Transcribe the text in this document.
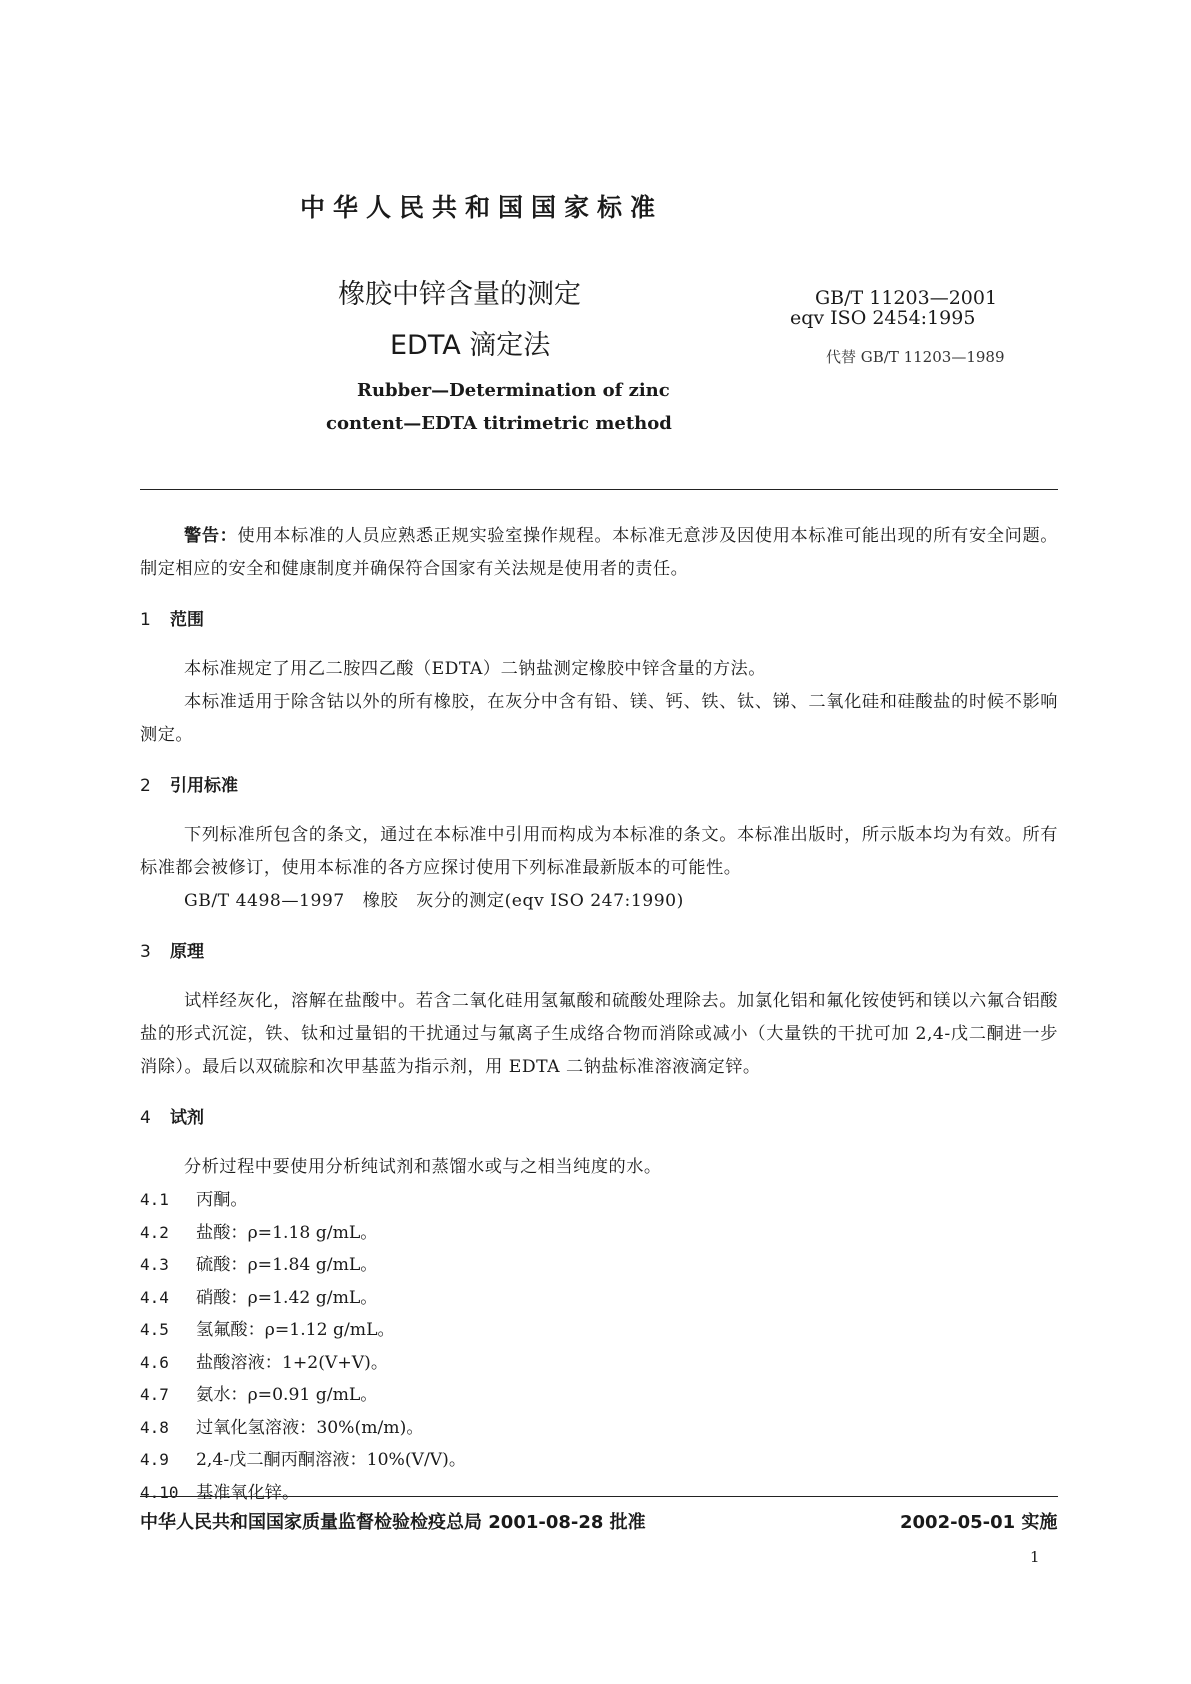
中华人民共和国国家标准
橡胶中锌含量的测定
EDTA 滴定法
Rubber—Determination of zinc
content—EDTA titrimetric method
GB/T 11203—2001
eqv ISO 2454:1995
代替 GB/T 11203—1989

警告：使用本标准的人员应熟悉正规实验室操作规程。本标准无意涉及因使用本标准可能出现的所有安全问题。制定相应的安全和健康制度并确保符合国家有关法规是使用者的责任。

1 范围

本标准规定了用乙二胺四乙酸（EDTA）二钠盐测定橡胶中锌含量的方法。

本标准适用于除含钴以外的所有橡胶，在灰分中含有铅、镁、钙、铁、钛、锑、二氧化硅和硅酸盐的时候不影响测定。

2 引用标准

下列标准所包含的条文，通过在本标准中引用而构成为本标准的条文。本标准出版时，所示版本均为有效。所有标准都会被修订，使用本标准的各方应探讨使用下列标准最新版本的可能性。

GB/T 4498—1997 橡胶 灰分的测定(eqv ISO 247:1990)

3 原理

试样经灰化，溶解在盐酸中。若含二氧化硅用氢氟酸和硫酸处理除去。加氯化铝和氟化铵使钙和镁以六氟合铝酸盐的形式沉淀，铁、钛和过量铝的干扰通过与氟离子生成络合物而消除或减小（大量铁的干扰可加 2,4-戊二酮进一步消除）。最后以双硫腙和次甲基蓝为指示剂，用 EDTA 二钠盐标准溶液滴定锌。

4 试剂

分析过程中要使用分析纯试剂和蒸馏水或与之相当纯度的水。

4.1 丙酮。

4.2 盐酸：ρ=1.18 g/mL。

4.3 硫酸：ρ=1.84 g/mL。

4.4 硝酸：ρ=1.42 g/mL。

4.5 氢氟酸：ρ=1.12 g/mL。

4.6 盐酸溶液：1+2(V+V)。

4.7 氨水：ρ=0.91 g/mL。

4.8 过氧化氢溶液：30%(m/m)。

4.9 2,4-戊二酮丙酮溶液：10%(V/V)。

4.10 基准氧化锌。

中华人民共和国国家质量监督检验检疫总局 2001-08-28 批准	2002-05-01 实施
1
